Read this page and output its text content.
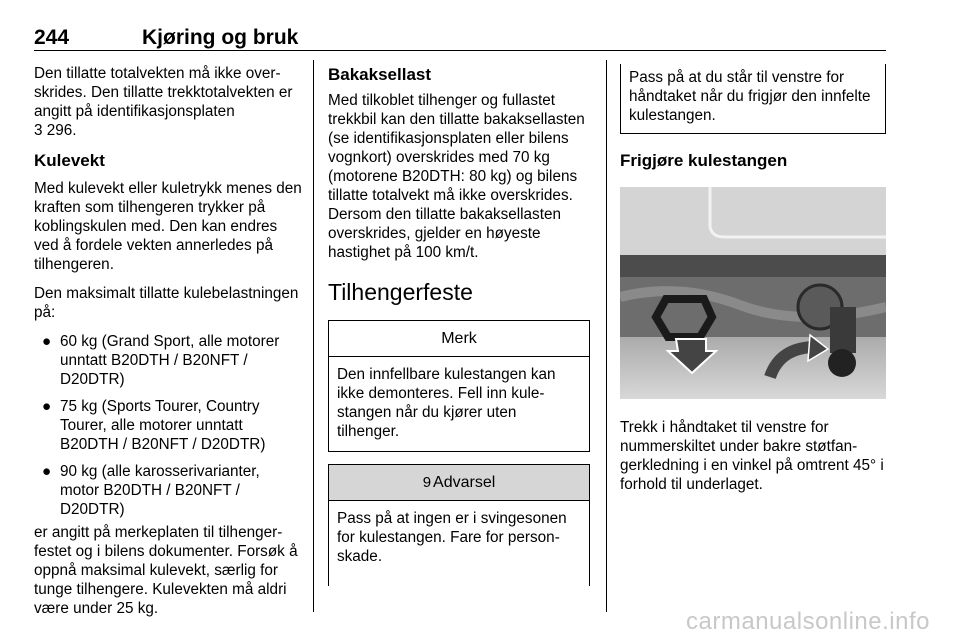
244	Kjøring og bruk

Den tillatte totalvekten må ikke overskrides. Den tillatte trekktotalvekten er angitt på identifikasjonsplaten
3 296.

Kulevekt

Med kulevekt eller kuletrykk menes den kraften som tilhengeren trykker på koblingskulen med. Den kan endres ved å fordele vekten annerledes på tilhengeren.

Den maksimalt tillatte kulebelastningen på:

● 60 kg (Grand Sport, alle motorer unntatt B20DTH / B20NFT / D20DTR)
● 75 kg (Sports Tourer, Country Tourer, alle motorer unntatt B20DTH / B20NFT / D20DTR)
● 90 kg (alle karosserivarianter, motor B20DTH / B20NFT / D20DTR)

er angitt på merkeplaten til tilhengerfestet og i bilens dokumenter. Forsøk å oppnå maksimal kulevekt, særlig for tunge tilhengere. Kulevekten må aldri være under 25 kg.

Bakaksellast

Med tilkoblet tilhenger og fullastet trekkbil kan den tillatte bakaksellasten (se identifikasjonsplaten eller bilens vognkort) overskrides med 70 kg (motorene B20DTH: 80 kg) og bilens tillatte totalvekt må ikke overskrides. Dersom den tillatte bakaksellasten overskrides, gjelder en høyeste hastighet på 100 km/t.

Tilhengerfeste
Merk
Den innfellbare kulestangen kan ikke demonteres. Fell inn kulestangen når du kjører uten tilhenger.
9 Advarsel
Pass på at ingen er i svingesonen for kulestangen. Fare for personskade.
Pass på at du står til venstre for håndtaket når du frigjør den innfelte kulestangen.
Frigjøre kulestangen

Trekk i håndtaket til venstre for nummerskiltet under bakre støtfangerkledning i en vinkel på omtrent 45° i forhold til underlaget.

carmanualsonline.info
